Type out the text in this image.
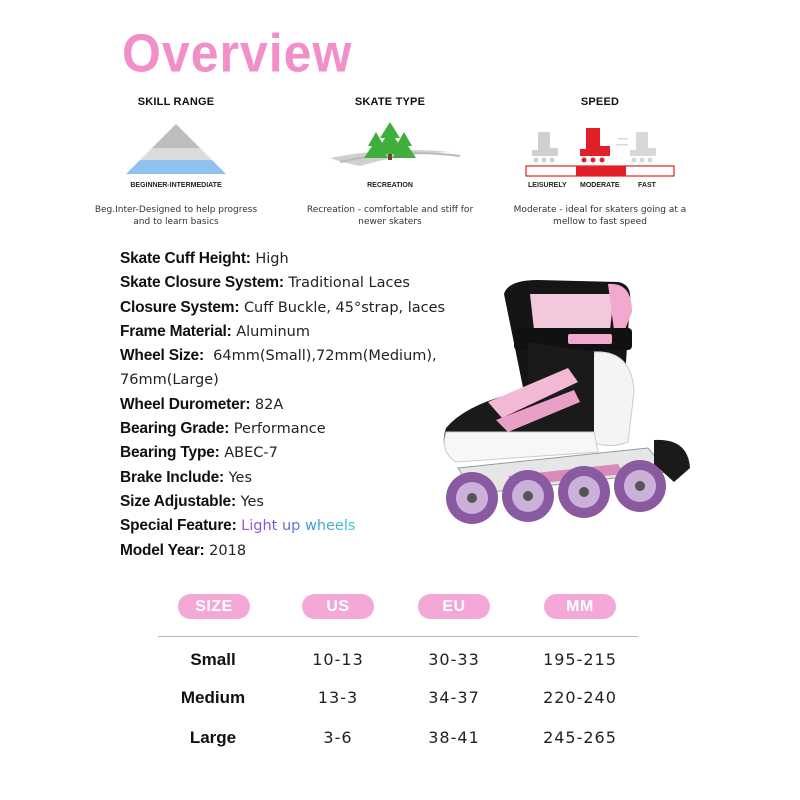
Overview
SKILL RANGE
BEGINNER-INTERMEDIATE
Beg.Inter-Designed to help progress and to learn basics
SKATE TYPE
RECREATION
Recreation - comfortable and stiff for newer skaters
SPEED
LEISURELY MODERATE	FAST
Moderate - ideal for skaters going at a mellow to fast speed
Skate Cuff Height: High
Skate Closure System: Traditional Laces
Closure System: Cuff Buckle, 45°strap, laces
Frame Material: Aluminum
Wheel Size: 64mm(Small),72mm(Medium),
76mm(Large)
Wheel Durometer: 82A
Bearing Grade: Performance
Bearing Type: ABEC-7
Brake Include: Yes
Size Adjustable: Yes
Special Feature: Light up wheels
Model Year: 2018
SIZE	US	EU	MM
Small	10-13	30-33	195-215
Medium	13-3	34-37	220-240
Large	3-6	38-41	245-265
